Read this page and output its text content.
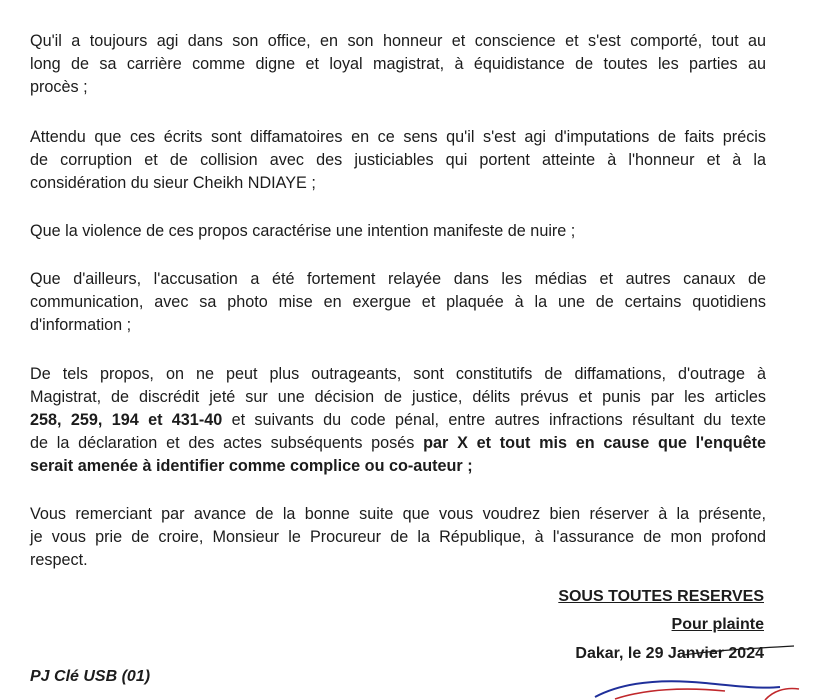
Qu'il a toujours agi dans son office, en son honneur et conscience et s'est comporté, tout au
long de sa carrière comme digne et loyal magistrat, à équidistance de toutes les parties au
procès ;

Attendu que ces écrits sont diffamatoires en ce sens qu'il s'est agi d'imputations de faits précis
de corruption et de collision avec des justiciables qui portent atteinte à l'honneur et à la
considération du sieur Cheikh NDIAYE ;

Que la violence de ces propos caractérise une intention manifeste de nuire ;

Que d'ailleurs, l'accusation a été fortement relayée dans les médias et autres canaux de
communication, avec sa photo mise en exergue et plaquée à la une de certains quotidiens
d'information ;

De tels propos, on ne peut plus outrageants, sont constitutifs de diffamations, d'outrage à
Magistrat, de discrédit jeté sur une décision de justice, délits prévus et punis par les articles
258, 259, 194 et 431-40 et suivants du code pénal, entre autres infractions résultant du texte
de la déclaration et des actes subséquents posés par X et tout mis en cause que l'enquête
serait amenée à identifier comme complice ou co-auteur ;

Vous remerciant par avance de la bonne suite que vous voudrez bien réserver à la présente,
je vous prie de croire, Monsieur le Procureur de la République, à l'assurance de mon profond
respect.

SOUS TOUTES RESERVES

Pour plainte

Dakar, le 29 Janvier 2024

PJ Clé USB (01)
